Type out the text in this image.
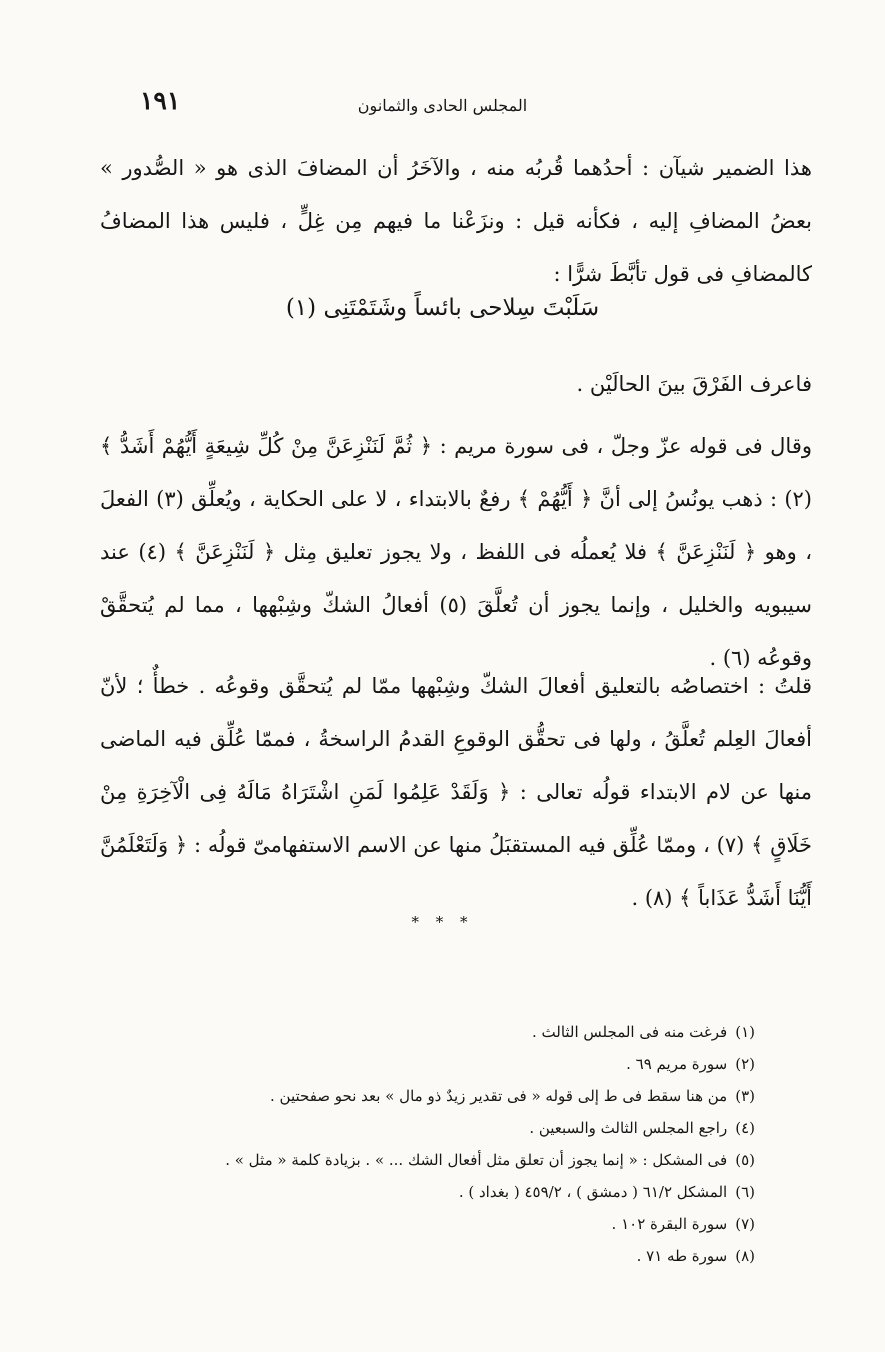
١٩١	المجلس الحادى والثمانون

هذا الضمير شيآن : أحدُهما قُربُه منه ، والآخَرُ أن المضافَ الذى هو « الصُّدور » بعضُ المضافِ إليه ، فكأنه قيل : ونزَعْنا ما فيهم مِن غِلٍّ ، فليس هذا المضافُ كالمضافِ فى قول تأبَّطَ شرًّا :

سَلَبْتَ سِلاحى بائساً وشَتَمْتَنِى (١)

فاعرف الفَرْقَ بينَ الحالَيْن .

وقال فى قوله عزّ وجلّ ، فى سورة مريم : ﴿ ثُمَّ لَنَنْزِعَنَّ مِنْ كُلِّ شِيعَةٍ أَيُّهُمْ أَشَدُّ ﴾ (٢) : ذهب يونُسُ إلى أنَّ ﴿ أَيُّهُمْ ﴾ رفعٌ بالابتداء ، لا على الحكاية ، ويُعلِّق (٣) الفعلَ ، وهو ﴿ لَنَنْزِعَنَّ ﴾ فلا يُعملُه فى اللفظ ، ولا يجوز تعليق مِثل ﴿ لَنَنْزِعَنَّ ﴾ (٤) عند سيبويه والخليل ، وإنما يجوز أن تُعلَّقَ (٥) أفعالُ الشكّ وشِبْهها ، مما لم يُتحقَّقْ وقوعُه (٦) .

قلتُ : اختصاصُه بالتعليق أفعالَ الشكّ وشِبْهها ممّا لم يُتحقَّق وقوعُه . خطأٌ ؛ لأنّ أفعالَ العِلم تُعلَّقُ ، ولها فى تحقُّق الوقوعِ القدمُ الراسخةُ ، فممّا عُلِّق فيه الماضى منها عن لام الابتداء قولُه تعالى : ﴿ وَلَقَدْ عَلِمُوا لَمَنِ اشْتَرَاهُ مَالَهُ فِى الْآخِرَةِ مِنْ خَلَاقٍ ﴾ (٧) ، وممّا عُلِّق فيه المستقبَلُ منها عن الاسم الاستفهامىّ قولُه : ﴿ وَلَتَعْلَمُنَّ أَيُّنَا أَشَدُّ عَذَاباً ﴾ (٨) .

* * *
(١)فرغت منه فى المجلس الثالث .
(٢)سورة مريم ٦٩ .
(٣)من هنا سقط فى ط إلى قوله « فى تقدير زيدٌ ذو مال » بعد نحو صفحتين .
(٤)راجع المجلس الثالث والسبعين .
(٥)فى المشكل : « إنما يجوز أن تعلق مثل أفعال الشك ... » . بزيادة كلمة « مثل » .
(٦)المشكل ٦١/٢ ( دمشق ) ، ٤٥٩/٢ ( بغداد ) .
(٧)سورة البقرة ١٠٢ .
(٨)سورة طه ٧١ .
